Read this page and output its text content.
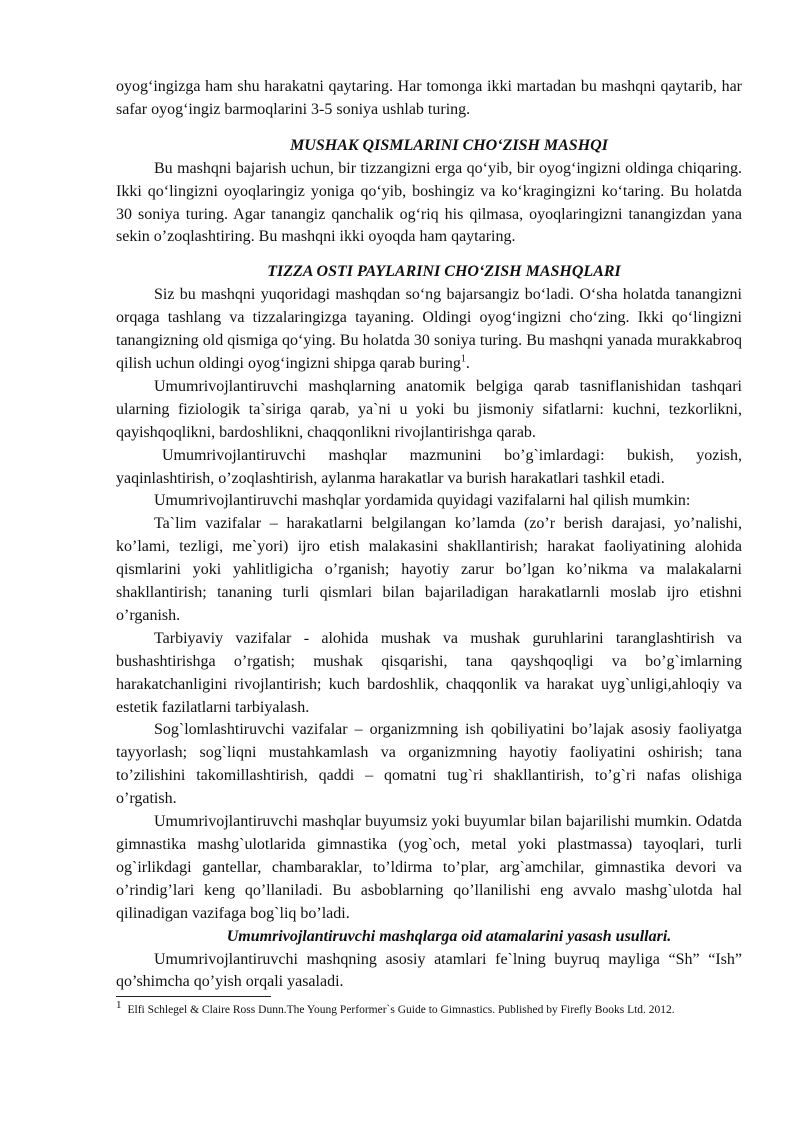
oyog‘ingizga ham shu harakatni qaytaring. Har tomonga ikki martadan bu mashqni qaytarib, har safar oyog‘ingiz barmoqlarini 3-5 soniya ushlab turing.

MUSHAK QISMLARINI CHO‘ZISH MASHQI

Bu mashqni bajarish uchun, bir tizzangizni erga qo‘yib, bir oyog‘ingizni oldinga chiqaring. Ikki qo‘lingizni oyoqlaringiz yoniga qo‘yib, boshingiz va ko‘kragingizni ko‘taring. Bu holatda 30 soniya turing. Agar tanangiz qanchalik og‘riq his qilmasa, oyoqlaringizni tanangizdan yana sekin o’zoqlashtiring. Bu mashqni ikki oyoqda ham qaytaring.

TIZZA OSTI PAYLARINI CHO‘ZISH MASHQLARI

Siz bu mashqni yuqoridagi mashqdan so‘ng bajarsangiz bo‘ladi. O‘sha holatda tanangizni orqaga tashlang va tizzalaringizga tayaning. Oldingi oyog‘ingizni cho‘zing. Ikki qo‘lingizni tanangizning old qismiga qo‘ying. Bu holatda 30 soniya turing. Bu mashqni yanada murakkabroq qilish uchun oldingi oyog‘ingizni shipga qarab buring$^1$.

Umumrivojlantiruvchi mashqlarning anatomik belgiga qarab tasniflanishidan tashqari ularning fiziologik ta`siriga qarab, ya`ni u yoki bu jismoniy sifatlarni: kuchni, tezkorlikni, qayishqoqlikni, bardoshlikni, chaqqonlikni rivojlantirishga qarab.

Umumrivojlantiruvchi mashqlar mazmunini bo’g`imlardagi: bukish, yozish, yaqinlashtirish, o’zoqlashtirish, aylanma harakatlar va burish harakatlari tashkil etadi.

Umumrivojlantiruvchi mashqlar yordamida quyidagi vazifalarni hal qilish mumkin:

Ta`lim vazifalar – harakatlarni belgilangan ko’lamda (zo’r berish darajasi, yo’nalishi, ko’lami, tezligi, me`yori) ijro etish malakasini shakllantirish; harakat faoliyatining alohida qismlarini yoki yahlitligicha o’rganish; hayotiy zarur bo’lgan ko’nikma va malakalarni shakllantirish; tananing turli qismlari bilan bajariladigan harakatlarnli moslab ijro etishni o’rganish.

Tarbiyaviy vazifalar - alohida mushak va mushak guruhlarini taranglashtirish va bushashtirishga o’rgatish; mushak qisqarishi, tana qayshqoqligi va bo’g`imlarning harakatchanligini rivojlantirish; kuch bardoshlik, chaqqonlik va harakat uyg`unligi,ahloqiy va estetik fazilatlarni tarbiyalash.

Sog`lomlashtiruvchi vazifalar – organizmning ish qobiliyatini bo’lajak asosiy faoliyatga tayyorlash; sog`liqni mustahkamlash va organizmning hayotiy faoliyatini oshirish; tana to’zilishini takomillashtirish, qaddi – qomatni tug`ri shakllantirish, to’g`ri nafas olishiga o’rgatish.

Umumrivojlantiruvchi mashqlar buyumsiz yoki buyumlar bilan bajarilishi mumkin. Odatda gimnastika mashg`ulotlarida gimnastika (yog`och, metal yoki plastmassa) tayoqlari, turli og`irlikdagi gantellar, chambaraklar, to’ldirma to’plar, arg`amchilar, gimnastika devori va o’rindig’lari keng qo’llaniladi. Bu asboblarning qo’llanilishi eng avvalo mashg`ulotda hal qilinadigan vazifaga bog`liq bo’ladi.

Umumrivojlantiruvchi mashqlarga oid atamalarini yasash usullari.

Umumrivojlantiruvchi mashqning asosiy atamlari fe`lning buyruq mayliga “Sh” “Ish” qo’shimcha qo’yish orqali yasaladi.

1 Elfi Schlegel & Claire Ross Dunn.The Young Performer`s Guide to Gimnastics. Published by Firefly Books Ltd. 2012.
